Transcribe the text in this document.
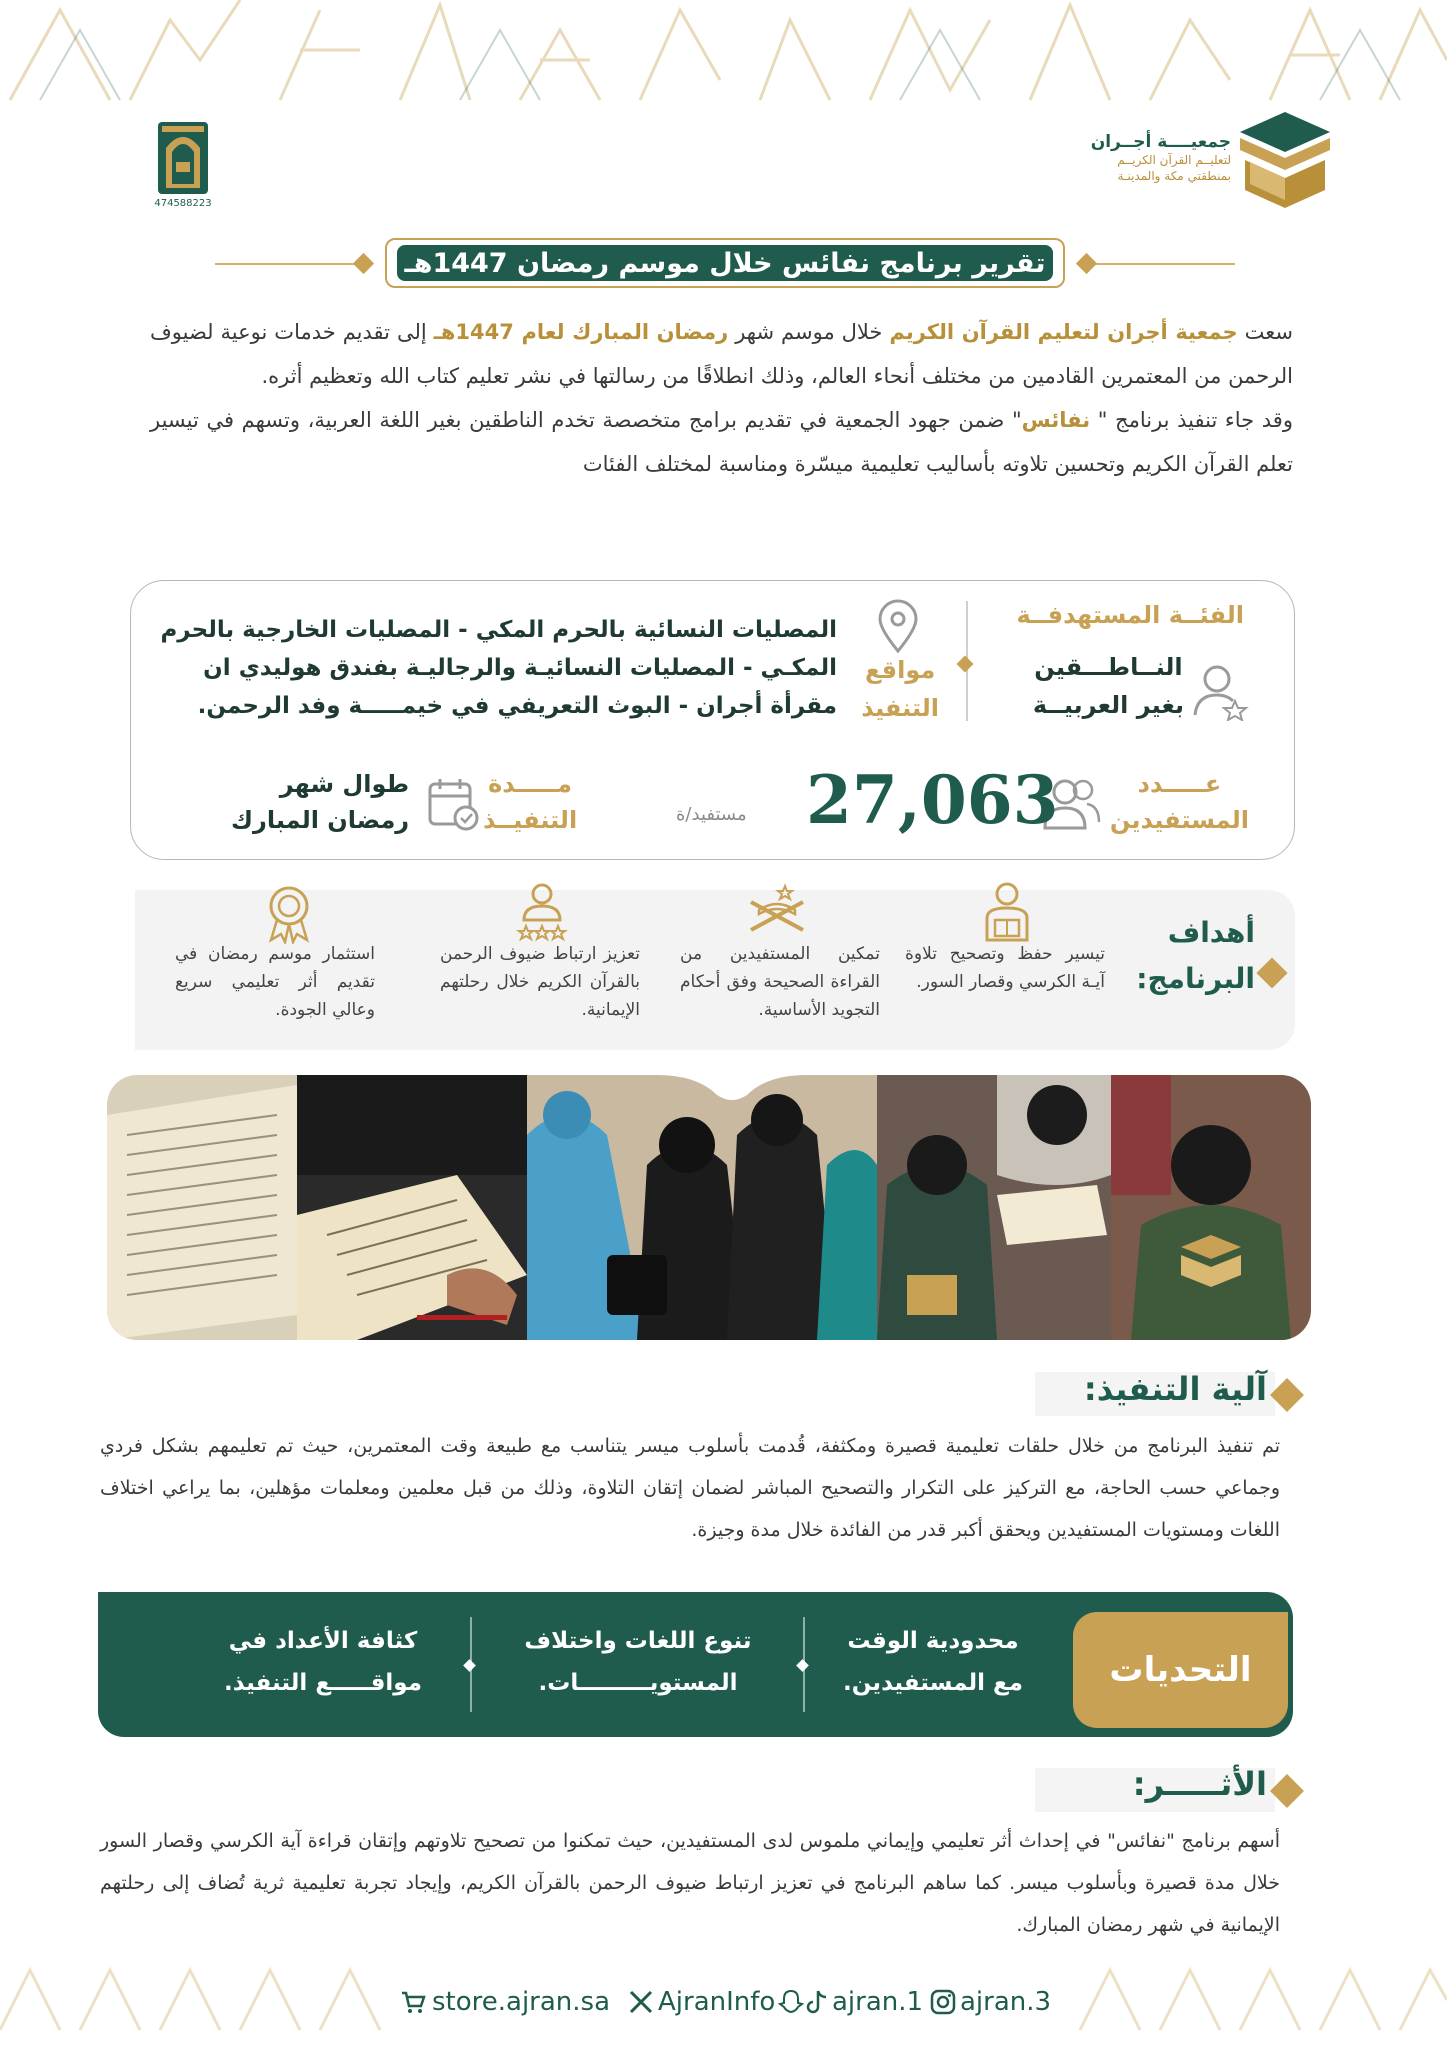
جمعيــــة أجــران
لتعليــم القرآن الكريــم
بمنطقتي مكة والمدينـة
474588223
تقرير برنامج نفائس خلال موسم رمضان 1447هـ

سعت جمعية أجران لتعليم القرآن الكريم خلال موسم شهر رمضان المبارك لعام 1447هـ إلى تقديم خدمات نوعية لضيوف الرحمن من المعتمرين القادمين من مختلف أنحاء العالم، وذلك انطلاقًا من رسالتها في نشر تعليم كتاب الله وتعظيم أثره.

وقد جاء تنفيذ برنامج " نفائس" ضمن جهود الجمعية في تقديم برامج متخصصة تخدم الناطقين بغير اللغة العربية، وتسهم في تيسير تعلم القرآن الكريم وتحسين تلاوته بأساليب تعليمية ميسّرة ومناسبة لمختلف الفئات

الفئــة المستهدفــة
النــاطـــقين
بغير العربيــة
مواقع
التنفيذ
المصليات النسائية بالحرم المكي - المصليات الخارجية بالحرم المكـي - المصليات النسائيـة والرجاليـة بفندق هوليدي ان مقرأة أجران - البوث التعريفي في خيمـــــة وفد الرحمن.
عـــــدد
المستفيدين
27,063
مستفيد/ة
مـــــدة
التنفيــذ
طوال شهر
رمضان المبارك
أهداف
البرنامج:
تيسير حفظ وتصحيح تلاوة آيـة الكرسي وقصار السور.
تمكين المستفيدين من القراءة الصحيحة وفق أحكام التجويد الأساسية.
تعزيز ارتباط ضيوف الرحمن بالقرآن الكريم خلال رحلتهم الإيمانية.
استثمار موسم رمضان في تقديم أثر تعليمي سريع وعالي الجودة.
آلية التنفيذ:
تم تنفيذ البرنامج من خلال حلقات تعليمية قصيرة ومكثفة، قُدمت بأسلوب ميسر يتناسب مع طبيعة وقت المعتمرين، حيث تم تعليمهم بشكل فردي وجماعي حسب الحاجة، مع التركيز على التكرار والتصحيح المباشر لضمان إتقان التلاوة، وذلك من قبل معلمين ومعلمات مؤهلين، بما يراعي اختلاف اللغات ومستويات المستفيدين ويحقق أكبر قدر من الفائدة خلال مدة وجيزة.
التحديات
محدودية الوقت
مع المستفيدين.
تنوع اللغات واختلاف
المستويـــــــــات.
كثافة الأعداد في
مواقـــــع التنفيذ.
الأثـــــر:
أسهم برنامج "نفائس" في إحداث أثر تعليمي وإيماني ملموس لدى المستفيدين، حيث تمكنوا من تصحيح تلاوتهم وإتقان قراءة آية الكرسي وقصار السور خلال مدة قصيرة وبأسلوب ميسر. كما ساهم البرنامج في تعزيز ارتباط ضيوف الرحمن بالقرآن الكريم، وإيجاد تجربة تعليمية ثرية تُضاف إلى رحلتهم الإيمانية في شهر رمضان المبارك.
store.ajran.sa AjranInfo ajran.1 ajran.3
